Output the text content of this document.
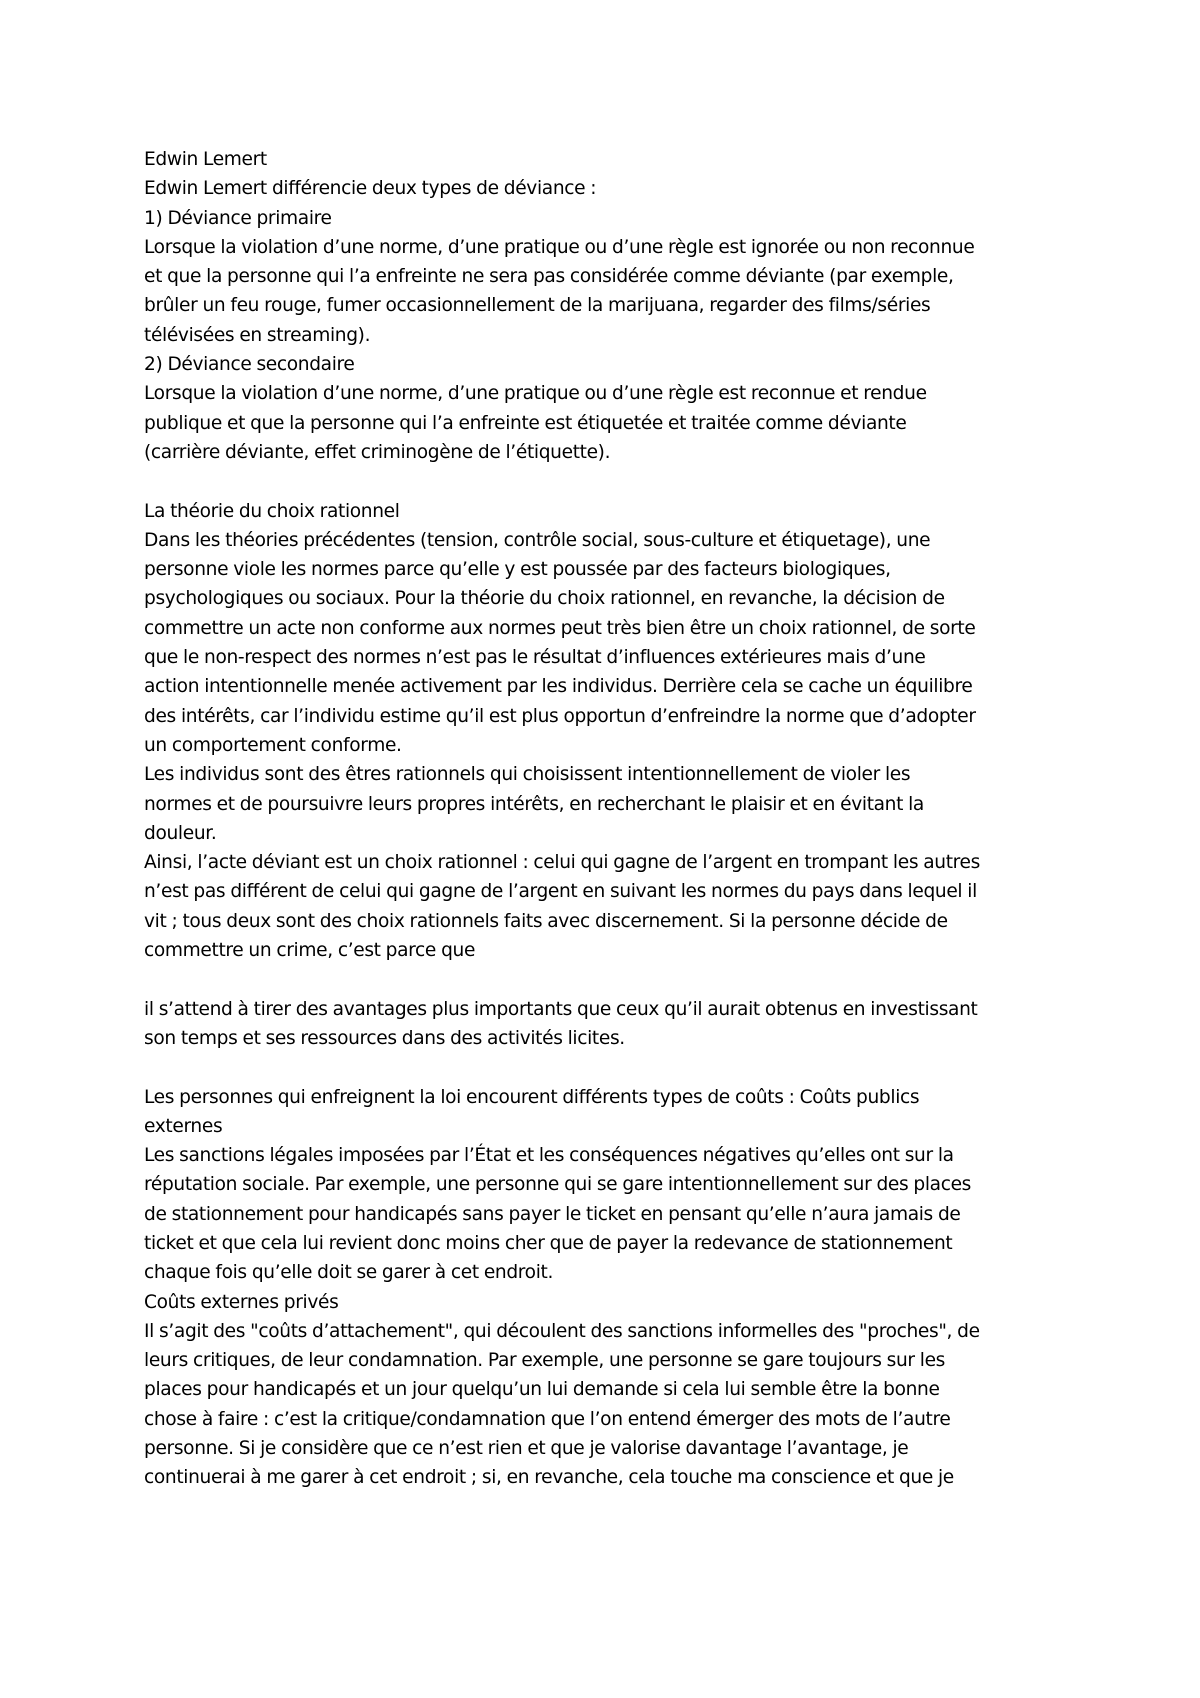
Edwin Lemert
Edwin Lemert différencie deux types de déviance :
1) Déviance primaire
Lorsque la violation d’une norme, d’une pratique ou d’une règle est ignorée ou non reconnue
et que la personne qui l’a enfreinte ne sera pas considérée comme déviante (par exemple,
brûler un feu rouge, fumer occasionnellement de la marijuana, regarder des films/séries
télévisées en streaming).
2) Déviance secondaire
Lorsque la violation d’une norme, d’une pratique ou d’une règle est reconnue et rendue
publique et que la personne qui l’a enfreinte est étiquetée et traitée comme déviante
(carrière déviante, effet criminogène de l’étiquette).
La théorie du choix rationnel
Dans les théories précédentes (tension, contrôle social, sous-culture et étiquetage), une
personne viole les normes parce qu’elle y est poussée par des facteurs biologiques,
psychologiques ou sociaux. Pour la théorie du choix rationnel, en revanche, la décision de
commettre un acte non conforme aux normes peut très bien être un choix rationnel, de sorte
que le non-respect des normes n’est pas le résultat d’influences extérieures mais d’une
action intentionnelle menée activement par les individus. Derrière cela se cache un équilibre
des intérêts, car l’individu estime qu’il est plus opportun d’enfreindre la norme que d’adopter
un comportement conforme.
Les individus sont des êtres rationnels qui choisissent intentionnellement de violer les
normes et de poursuivre leurs propres intérêts, en recherchant le plaisir et en évitant la
douleur.
Ainsi, l’acte déviant est un choix rationnel : celui qui gagne de l’argent en trompant les autres
n’est pas différent de celui qui gagne de l’argent en suivant les normes du pays dans lequel il
vit ; tous deux sont des choix rationnels faits avec discernement. Si la personne décide de
commettre un crime, c’est parce que
il s’attend à tirer des avantages plus importants que ceux qu’il aurait obtenus en investissant
son temps et ses ressources dans des activités licites.
Les personnes qui enfreignent la loi encourent différents types de coûts : Coûts publics
externes
Les sanctions légales imposées par l’État et les conséquences négatives qu’elles ont sur la
réputation sociale. Par exemple, une personne qui se gare intentionnellement sur des places
de stationnement pour handicapés sans payer le ticket en pensant qu’elle n’aura jamais de
ticket et que cela lui revient donc moins cher que de payer la redevance de stationnement
chaque fois qu’elle doit se garer à cet endroit.
Coûts externes privés
Il s’agit des "coûts d’attachement", qui découlent des sanctions informelles des "proches", de
leurs critiques, de leur condamnation. Par exemple, une personne se gare toujours sur les
places pour handicapés et un jour quelqu’un lui demande si cela lui semble être la bonne
chose à faire : c’est la critique/condamnation que l’on entend émerger des mots de l’autre
personne. Si je considère que ce n’est rien et que je valorise davantage l’avantage, je
continuerai à me garer à cet endroit ; si, en revanche, cela touche ma conscience et que je
